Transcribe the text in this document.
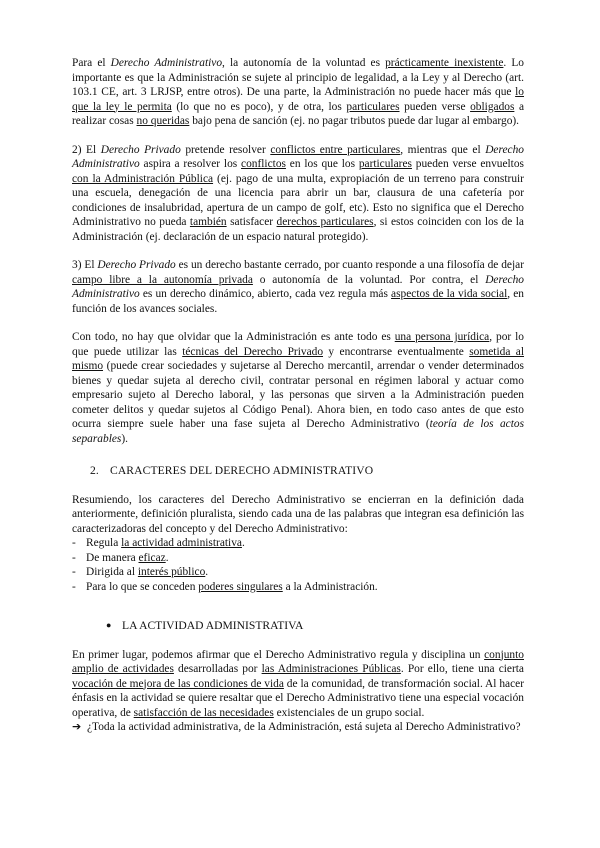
Para el Derecho Administrativo, la autonomía de la voluntad es prácticamente inexistente. Lo importante es que la Administración se sujete al principio de legalidad, a la Ley y al Derecho (art. 103.1 CE, art. 3 LRJSP, entre otros). De una parte, la Administración no puede hacer más que lo que la ley le permita (lo que no es poco), y de otra, los particulares pueden verse obligados a realizar cosas no queridas bajo pena de sanción (ej. no pagar tributos puede dar lugar al embargo).

2) El Derecho Privado pretende resolver conflictos entre particulares, mientras que el Derecho Administrativo aspira a resolver los conflictos en los que los particulares pueden verse envueltos con la Administración Pública (ej. pago de una multa, expropiación de un terreno para construir una escuela, denegación de una licencia para abrir un bar, clausura de una cafetería por condiciones de insalubridad, apertura de un campo de golf, etc). Esto no significa que el Derecho Administrativo no pueda también satisfacer derechos particulares, si estos coinciden con los de la Administración (ej. declaración de un espacio natural protegido).

3) El Derecho Privado es un derecho bastante cerrado, por cuanto responde a una filosofía de dejar campo libre a la autonomía privada o autonomía de la voluntad. Por contra, el Derecho Administrativo es un derecho dinámico, abierto, cada vez regula más aspectos de la vida social, en función de los avances sociales.

Con todo, no hay que olvidar que la Administración es ante todo es una persona jurídica, por lo que puede utilizar las técnicas del Derecho Privado y encontrarse eventualmente sometida al mismo (puede crear sociedades y sujetarse al Derecho mercantil, arrendar o vender determinados bienes y quedar sujeta al derecho civil, contratar personal en régimen laboral y actuar como empresario sujeto al Derecho laboral, y las personas que sirven a la Administración pueden cometer delitos y quedar sujetos al Código Penal). Ahora bien, en todo caso antes de que esto ocurra siempre suele haber una fase sujeta al Derecho Administrativo (teoría de los actos separables).

2. CARACTERES DEL DERECHO ADMINISTRATIVO

Resumiendo, los caracteres del Derecho Administrativo se encierran en la definición dada anteriormente, definición pluralista, siendo cada una de las palabras que integran esa definición las caracterizadoras del concepto y del Derecho Administrativo:

- Regula la actividad administrativa.
- De manera eficaz.
- Dirigida al interés público.
- Para lo que se conceden poderes singulares a la Administración.
● LA ACTIVIDAD ADMINISTRATIVA

En primer lugar, podemos afirmar que el Derecho Administrativo regula y disciplina un conjunto amplio de actividades desarrolladas por las Administraciones Públicas. Por ello, tiene una cierta vocación de mejora de las condiciones de vida de la comunidad, de transformación social. Al hacer énfasis en la actividad se quiere resaltar que el Derecho Administrativo tiene una especial vocación operativa, de satisfacción de las necesidades existenciales de un grupo social.

➔ ¿Toda la actividad administrativa, de la Administración, está sujeta al Derecho Administrativo?
